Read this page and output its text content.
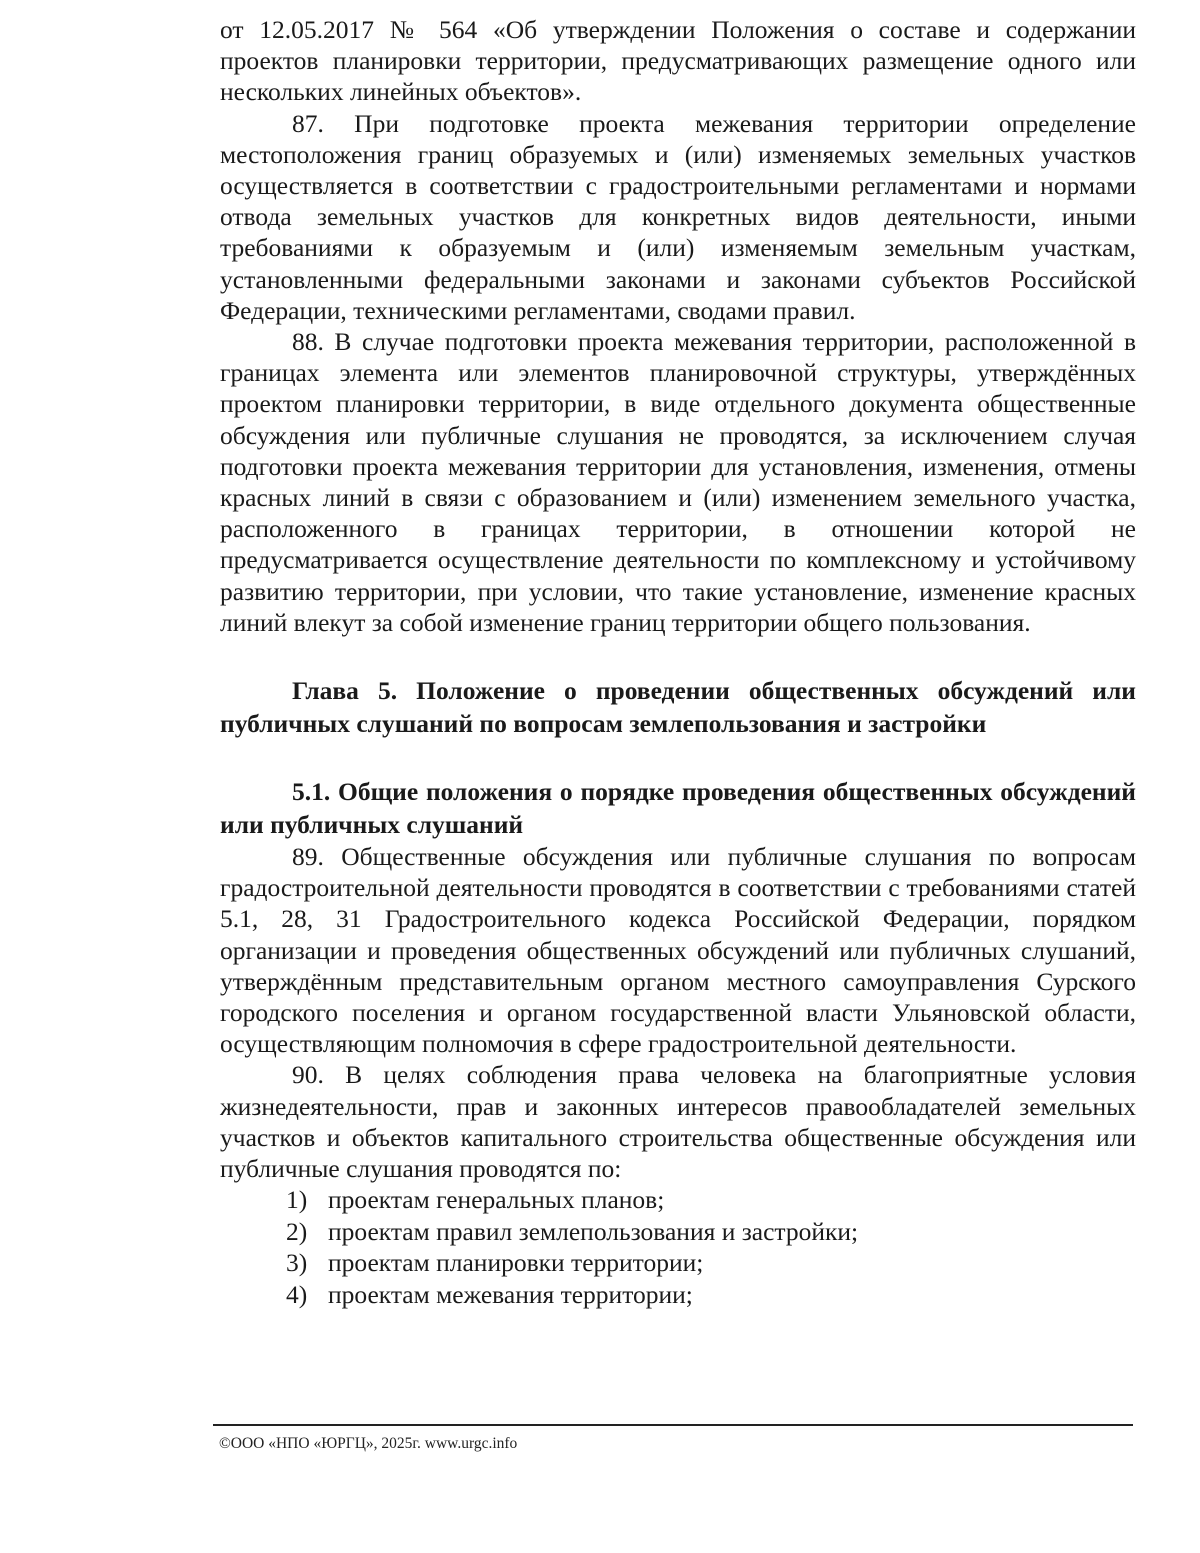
от 12.05.2017 № 564 «Об утверждении Положения о составе и содержании проектов планировки территории, предусматривающих размещение одного или нескольких линейных объектов».

87. При подготовке проекта межевания территории определение местоположения границ образуемых и (или) изменяемых земельных участков осуществляется в соответствии с градостроительными регламентами и нормами отвода земельных участков для конкретных видов деятельности, иными требованиями к образуемым и (или) изменяемым земельным участкам, установленными федеральными законами и законами субъектов Российской Федерации, техническими регламентами, сводами правил.

88. В случае подготовки проекта межевания территории, расположенной в границах элемента или элементов планировочной структуры, утверждённых проектом планировки территории, в виде отдельного документа общественные обсуждения или публичные слушания не проводятся, за исключением случая подготовки проекта межевания территории для установления, изменения, отмены красных линий в связи с образованием и (или) изменением земельного участка, расположенного в границах территории, в отношении которой не предусматривается осуществление деятельности по комплексному и устойчивому развитию территории, при условии, что такие установление, изменение красных линий влекут за собой изменение границ территории общего пользования.

Глава 5. Положение о проведении общественных обсуждений или публичных слушаний по вопросам землепользования и застройки

5.1. Общие положения о порядке проведения общественных обсуждений или публичных слушаний

89. Общественные обсуждения или публичные слушания по вопросам градостроительной деятельности проводятся в соответствии с требованиями статей 5.1, 28, 31 Градостроительного кодекса Российской Федерации, порядком организации и проведения общественных обсуждений или публичных слушаний, утверждённым представительным органом местного самоуправления Сурского городского поселения и органом государственной власти Ульяновской области, осуществляющим полномочия в сфере градостроительной деятельности.

90. В целях соблюдения права человека на благоприятные условия жизнедеятельности, прав и законных интересов правообладателей земельных участков и объектов капитального строительства общественные обсуждения или публичные слушания проводятся по:

1) проектам генеральных планов;
2) проектам правил землепользования и застройки;
3) проектам планировки территории;
4) проектам межевания территории;
©ООО «НПО «ЮРГЦ», 2025г. www.urgc.info
